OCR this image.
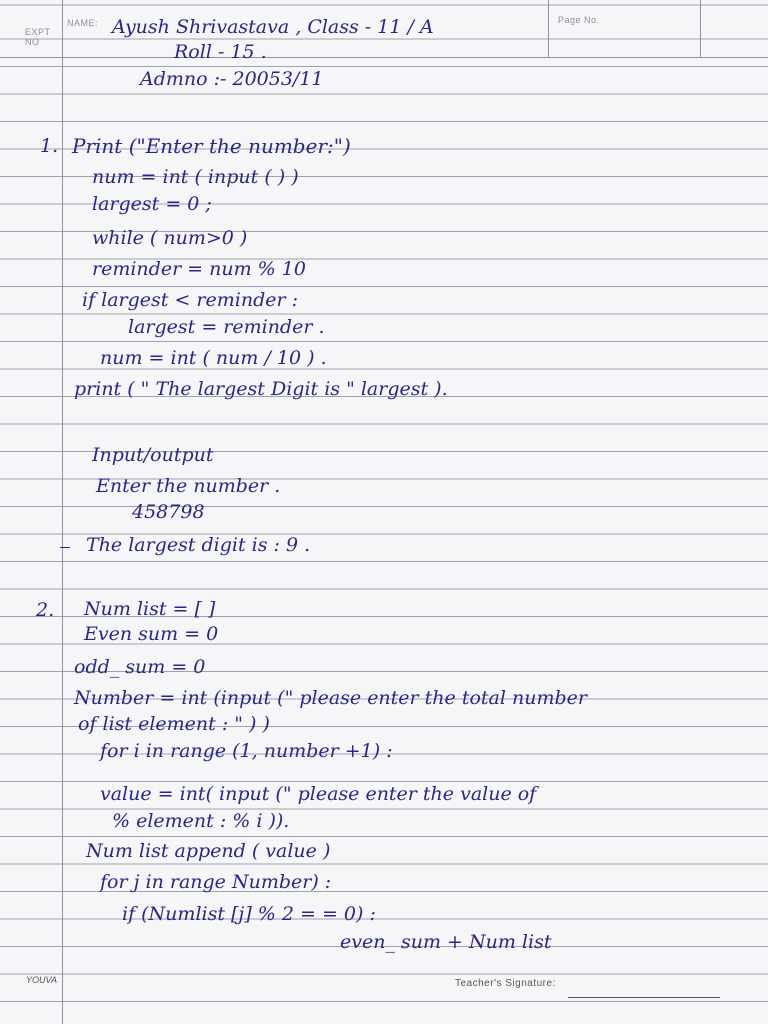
EXPT
NO
NAME:	Page No.
Ayush Shrivastava , Class - 11 / A
Roll - 15 .
Admno :- 20053/11
1. Print ("Enter the number:")
num = int ( input ( ) )
largest = 0 ;
while ( num>0 )
reminder = num % 10
if largest < reminder :
largest = reminder .
num = int ( num / 10 ) .
print ( " The largest Digit is " largest ).
Input/output
Enter the number .
458798
The largest digit is : 9 .
2. Num list = [ ]
Even sum = 0
odd_ sum = 0
Number = int (input (" please enter the total number
of list element : " ) )
for i in range (1, number +1) :
value = int( input (" please enter the value of
% element : % i )).
Num list append ( value )
for j in range Number) :
if (Numlist [j] % 2 = = 0) :
even_ sum + Num list
YOUVA	Teacher's Signature:
